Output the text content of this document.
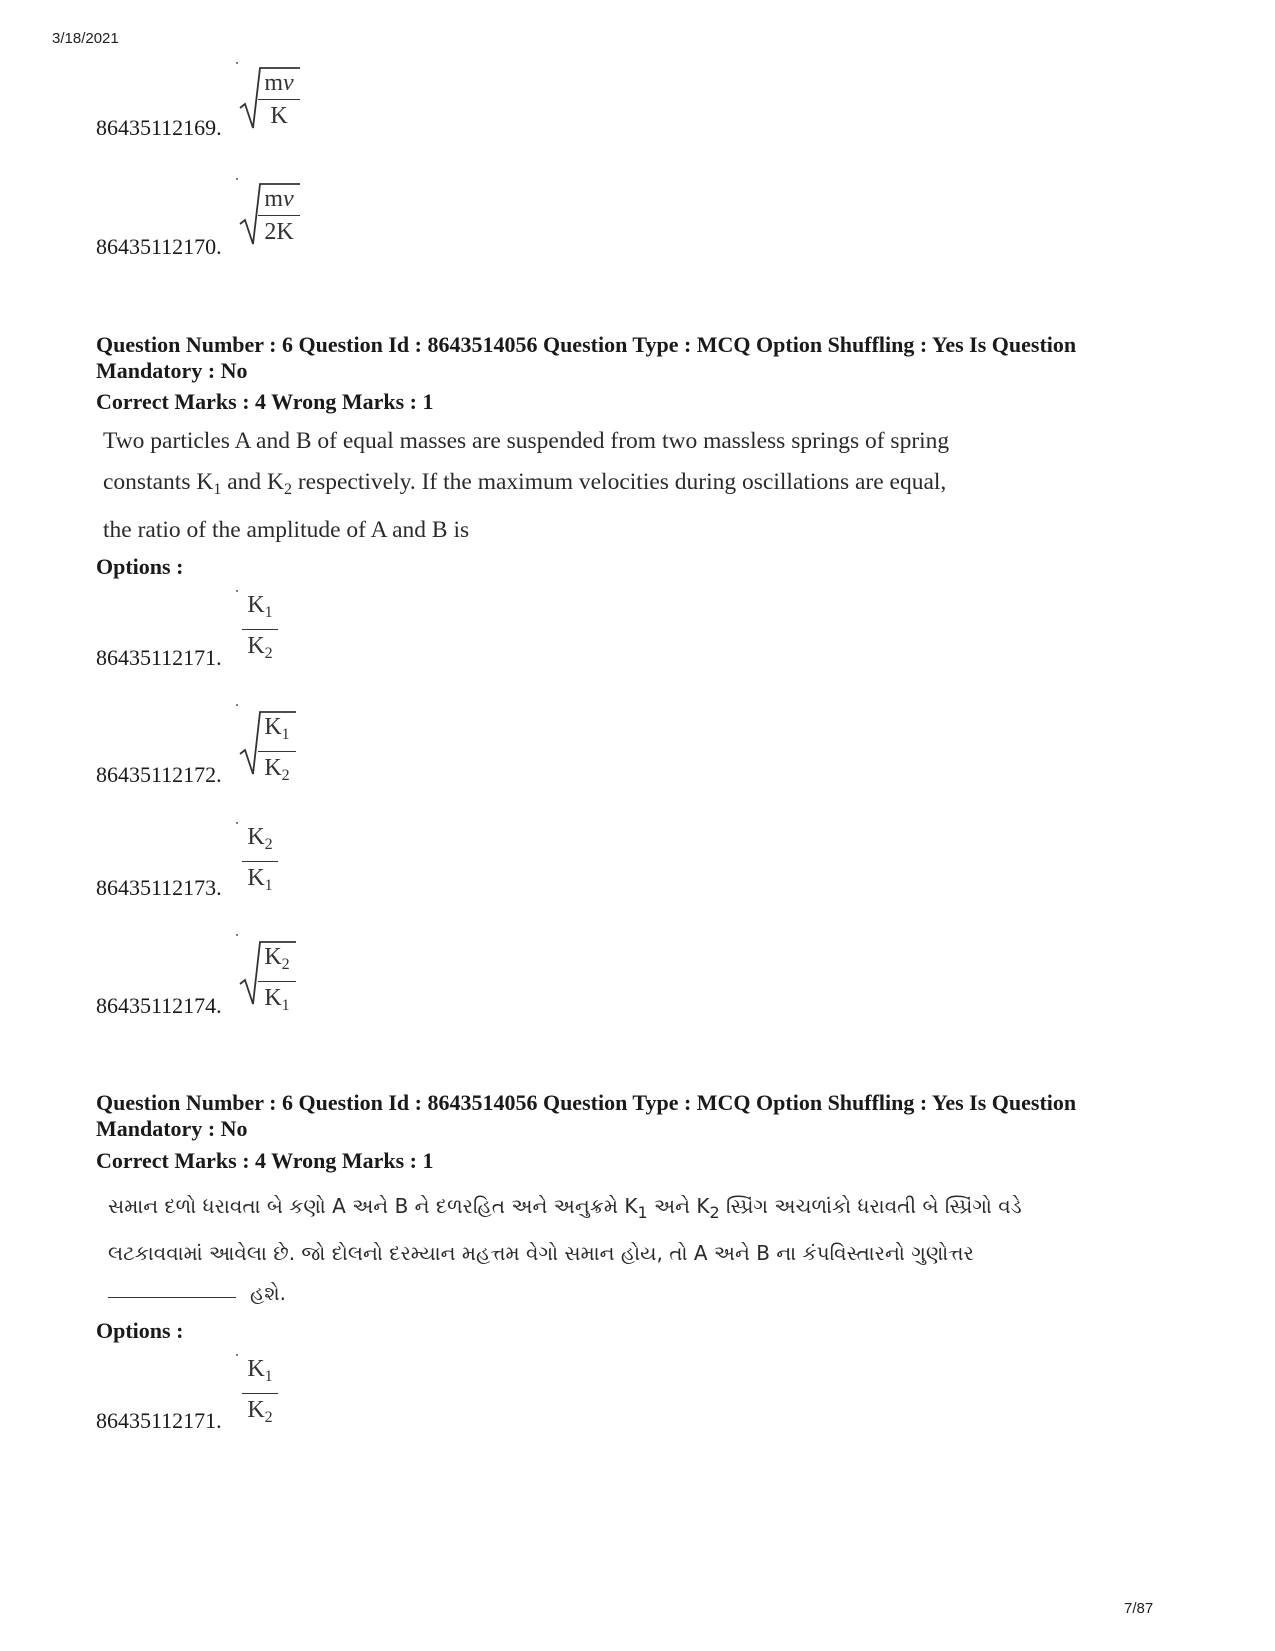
3/18/2021
7/87
mv
K
86435112169.
mv
2K
86435112170.
Question Number : 6 Question Id : 8643514056 Question Type : MCQ Option Shuffling : Yes Is Question
Mandatory : No
Correct Marks : 4 Wrong Marks : 1
Two particles A and B of equal masses are suspended from two massless springs of spring
constants $K_1$ and $K_2$ respectively. If the maximum velocities during oscillations are equal,
the ratio of the amplitude of A and B is
Options :
$K_1$
$K_2$
86435112171.
$K_1$
$K_2$
86435112172.
$K_2$
$K_1$
86435112173.
$K_2$
$K_1$
86435112174.
Question Number : 6 Question Id : 8643514056 Question Type : MCQ Option Shuffling : Yes Is Question
Mandatory : No
Correct Marks : 4 Wrong Marks : 1
સમાન દળો ધરાવતા બે કણો A અને B ને દળરહિત અને અનુક્રમે $K_1$ અને $K_2$ સ્પ્રિંગ અચળાંકો ધરાવતી બે સ્પ્રિંગો વડે
લટકાવવામાં આવેલા છે. જો દોલનો દરમ્યાન મહત્તમ વેગો સમાન હોય, તો A અને B ના કંપવિસ્તારનો ગુણોત્તર
હશે.
Options :
$K_1$
$K_2$
86435112171.
